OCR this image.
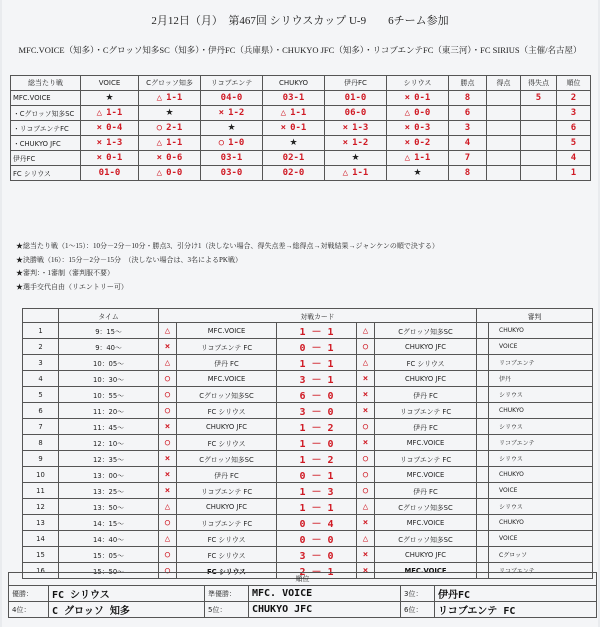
2月12日（月）　第467回 シリウスカップ U-9　　6チーム参加
MFC.VOICE（知多）・Cグロッソ知多SC（知多）・伊丹FC（兵庫県）・CHUKYO JFC（知多）・リコブエンテFC（東三河）・FC SIRIUS（主催/名古屋）
総当たり戦	VOICE	Cグロッソ知多	リコブエンテ	CHUKYO	伊丹FC	シリウス	勝点	得点	得失点	順位
MFC.VOICE	★	△ 1-1	04-0	03-1	01-0	× 0-1	8		5	2
・Cグロッソ知多SC	△ 1-1	★	× 1-2	△ 1-1	06-0	△ 0-0	6			3
・リコブエンテFC	× 0-4	○ 2-1	★	× 0-1	× 1-3	× 0-3	3			6
・CHUKYO JFC	× 1-3	△ 1-1	○ 1-0	★	× 1-2	× 0-2	4			5
伊丹FC	× 0-1	× 0-6	03-1	02-1	★	△ 1-1	7			4
FC シリウス	01-0	△ 0-0	03-0	02-0	△ 1-1	★	8			1
★総当たり戦（1～15）：10分－2分－10分・勝点3、引分け1（決しない場合、得失点差→総得点→対戦結果→ジャンケンの順で決する）
★決勝戦（16）：15分－2分－15分　（決しない場合は、3名によるPK戦）
★審判：・1審制（審判服不要）
★選手交代自由（リエントリー可）
	タイム	対戦カード					審判	
1	9：15～	△	MFC.VOICE	1 － 1	△	Cグロッソ知多SC		CHUKYO
2	9：40～	×	リコブエンテ FC	0 － 1	○	CHUKYO JFC		VOICE
3	10：05～	△	伊丹 FC	1 － 1	△	FC シリウス		リコブエンテ
4	10：30～	○	MFC.VOICE	3 － 1	×	CHUKYO JFC		伊丹
5	10：55～	○	Cグロッソ知多SC	6 － 0	×	伊丹 FC		シリウス
6	11：20～	○	FC シリウス	3 － 0	×	リコブエンテ FC		CHUKYO
7	11：45～	×	CHUKYO JFC	1 － 2	○	伊丹 FC		シリウス
8	12：10～	○	FC シリウス	1 － 0	×	MFC.VOICE		リコブエンテ
9	12：35～	×	Cグロッソ知多SC	1 － 2	○	リコブエンテ FC		シリウス
10	13：00～	×	伊丹 FC	0 － 1	○	MFC.VOICE		CHUKYO
11	13：25～	×	リコブエンテ FC	1 － 3	○	伊丹 FC		VOICE
12	13：50～	△	CHUKYO JFC	1 － 1	△	Cグロッソ知多SC		シリウス
13	14：15～	○	リコブエンテ FC	0 － 4	×	MFC.VOICE		CHUKYO
14	14：40～	△	FC シリウス	0 － 0	△	Cグロッソ知多SC		VOICE
15	15：05～	○	FC シリウス	3 － 0	×	CHUKYO JFC		Cグロッソ
16	15：50～	○	FC シリウス	2 － 1	×	MFC.VOICE		リコブエンテ
順位					
優勝：	FC シリウス	準優勝：	MFC. VOICE	3位：	伊丹FC
4位：	C グロッソ 知多	5位：	CHUKYO JFC	6位：	リコブエンテ FC
